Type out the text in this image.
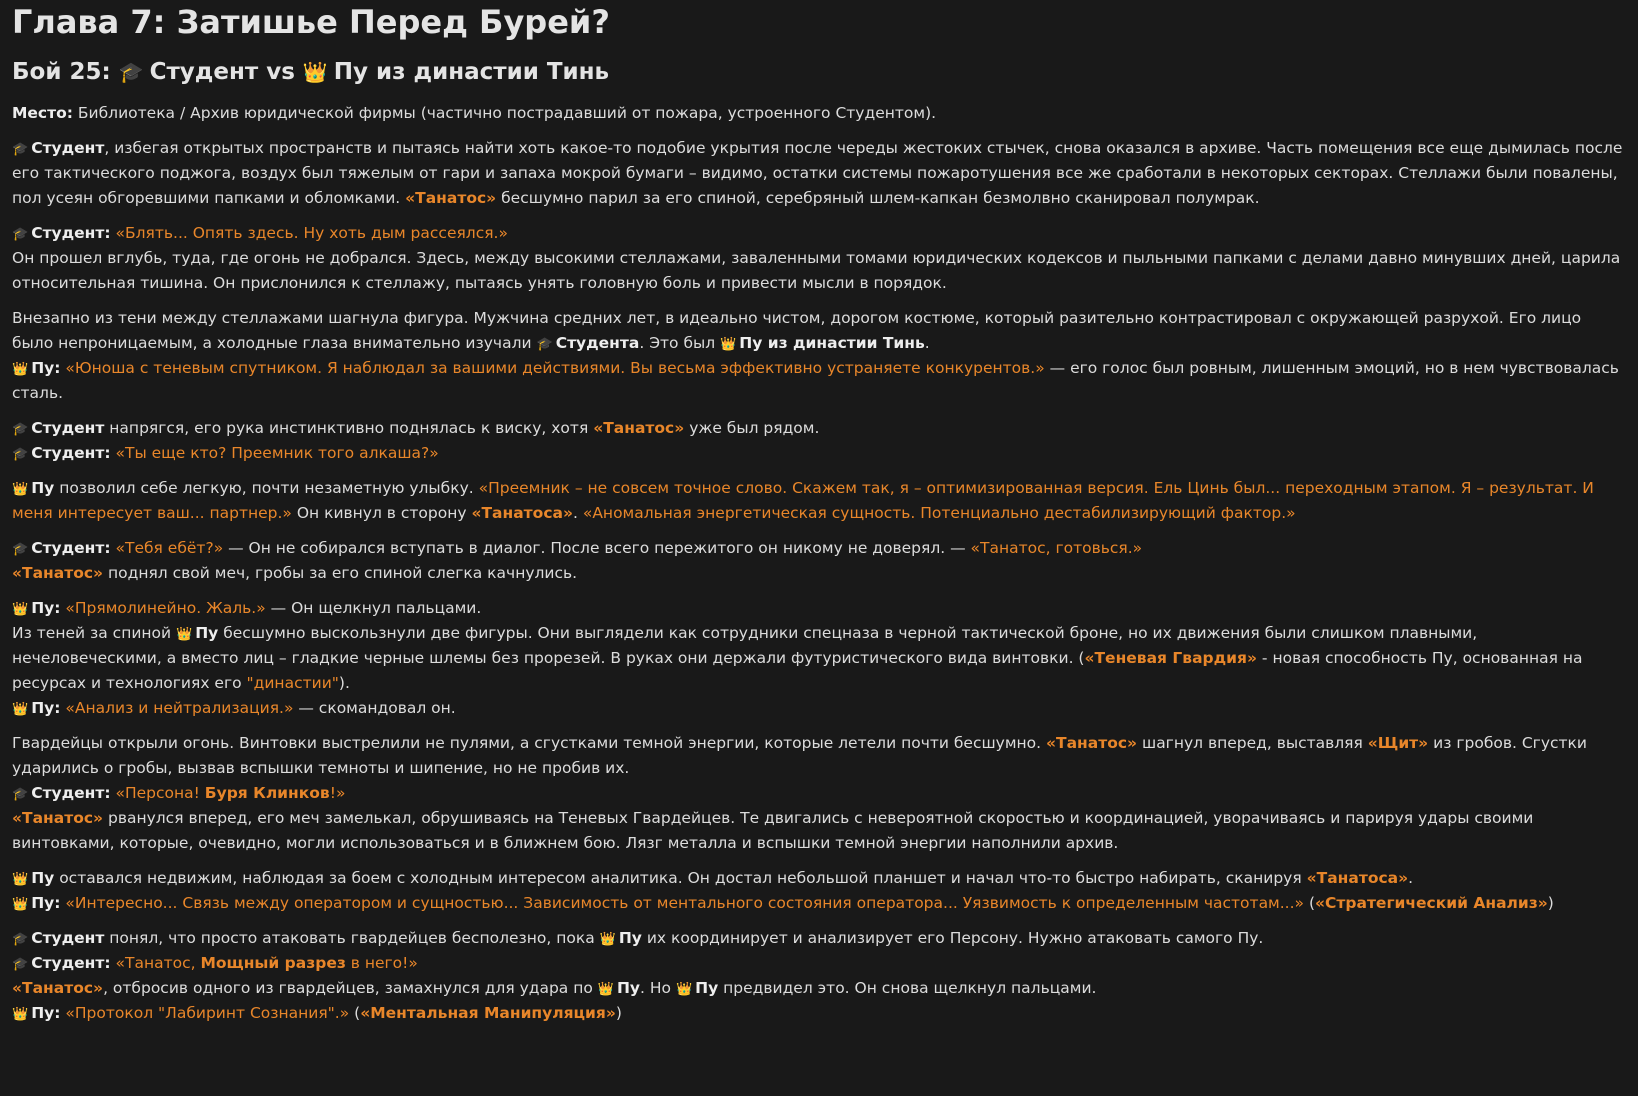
Глава 7: Затишье Перед Бурей?
Бой 25: 🎓 Студент vs 👑 Пу из династии Тинь

Место: Библиотека / Архив юридической фирмы (частично пострадавший от пожара, устроенного Студентом).

🎓 Студент, избегая открытых пространств и пытаясь найти хоть какое-то подобие укрытия после череды жестоких стычек, снова оказался в архиве. Часть помещения все еще дымилась после его тактического поджога, воздух был тяжелым от гари и запаха мокрой бумаги – видимо, остатки системы пожаротушения все же сработали в некоторых секторах. Стеллажи были повалены, пол усеян обгоревшими папками и обломками. «Танатос» бесшумно парил за его спиной, серебряный шлем-капкан безмолвно сканировал полумрак.

🎓 Студент: «Блять... Опять здесь. Ну хоть дым рассеялся.»
Он прошел вглубь, туда, где огонь не добрался. Здесь, между высокими стеллажами, заваленными томами юридических кодексов и пыльными папками с делами давно минувших дней, царила относительная тишина. Он прислонился к стеллажу, пытаясь унять головную боль и привести мысли в порядок.

Внезапно из тени между стеллажами шагнула фигура. Мужчина средних лет, в идеально чистом, дорогом костюме, который разительно контрастировал с окружающей разрухой. Его лицо было непроницаемым, а холодные глаза внимательно изучали 🎓 Студента. Это был 👑 Пу из династии Тинь.
👑 Пу: «Юноша с теневым спутником. Я наблюдал за вашими действиями. Вы весьма эффективно устраняете конкурентов.» — его голос был ровным, лишенным эмоций, но в нем чувствовалась сталь.

🎓 Студент напрягся, его рука инстинктивно поднялась к виску, хотя «Танатос» уже был рядом.
🎓 Студент: «Ты еще кто? Преемник того алкаша?»

👑 Пу позволил себе легкую, почти незаметную улыбку. «Преемник – не совсем точное слово. Скажем так, я – оптимизированная версия. Ель Цинь был... переходным этапом. Я – результат. И меня интересует ваш... партнер.» Он кивнул в сторону «Танатоса». «Аномальная энергетическая сущность. Потенциально дестабилизирующий фактор.»

🎓 Студент: «Тебя ебёт?» — Он не собирался вступать в диалог. После всего пережитого он никому не доверял. — «Танатос, готовься.»
«Танатос» поднял свой меч, гробы за его спиной слегка качнулись.

👑 Пу: «Прямолинейно. Жаль.» — Он щелкнул пальцами.
Из теней за спиной 👑 Пу бесшумно выскользнули две фигуры. Они выглядели как сотрудники спецназа в черной тактической броне, но их движения были слишком плавными, нечеловеческими, а вместо лиц – гладкие черные шлемы без прорезей. В руках они держали футуристического вида винтовки. («Теневая Гвардия» - новая способность Пу, основанная на ресурсах и технологиях его "династии").
👑 Пу: «Анализ и нейтрализация.» — скомандовал он.

Гвардейцы открыли огонь. Винтовки выстрелили не пулями, а сгустками темной энергии, которые летели почти бесшумно. «Танатос» шагнул вперед, выставляя «Щит» из гробов. Сгустки ударились о гробы, вызвав вспышки темноты и шипение, но не пробив их.
🎓 Студент: «Персона! Буря Клинков!»
«Танатос» рванулся вперед, его меч замелькал, обрушиваясь на Теневых Гвардейцев. Те двигались с невероятной скоростью и координацией, уворачиваясь и парируя удары своими винтовками, которые, очевидно, могли использоваться и в ближнем бою. Лязг металла и вспышки темной энергии наполнили архив.

👑 Пу оставался недвижим, наблюдая за боем с холодным интересом аналитика. Он достал небольшой планшет и начал что-то быстро набирать, сканируя «Танатоса».
👑 Пу: «Интересно... Связь между оператором и сущностью... Зависимость от ментального состояния оператора... Уязвимость к определенным частотам...» («Стратегический Анализ»)

🎓 Студент понял, что просто атаковать гвардейцев бесполезно, пока 👑 Пу их координирует и анализирует его Персону. Нужно атаковать самого Пу.
🎓 Студент: «Танатос, Мощный разрез в него!»
«Танатос», отбросив одного из гвардейцев, замахнулся для удара по 👑 Пу. Но 👑 Пу предвидел это. Он снова щелкнул пальцами.
👑 Пу: «Протокол "Лабиринт Сознания".» («Ментальная Манипуляция»)
